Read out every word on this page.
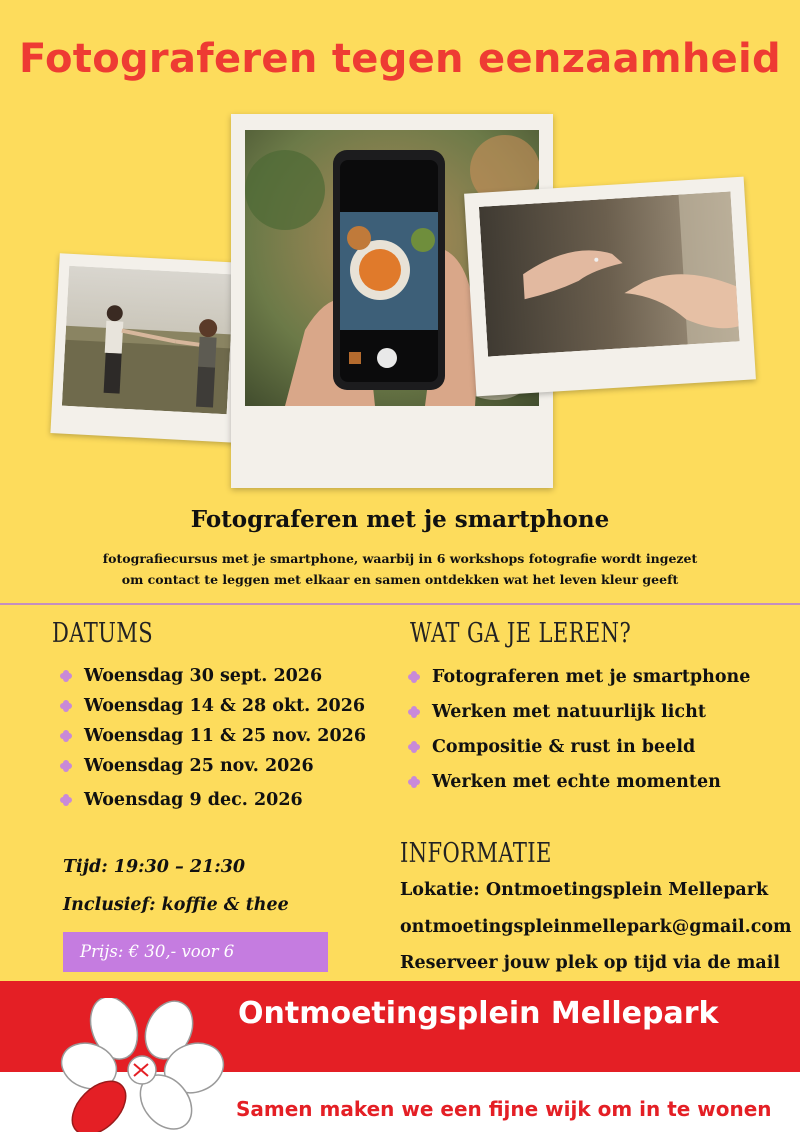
Fotograferen tegen eenzaamheid
Fotograferen met je smartphone
fotografiecursus met je smartphone, waarbij in 6 workshops fotografie wordt ingezet
om contact te leggen met elkaar en samen ontdekken wat het leven kleur geeft
DATUMS
Woensdag 30 sept. 2026
Woensdag 14 & 28 okt. 2026
Woensdag 11 & 25 nov. 2026
Woensdag 25 nov. 2026
Woensdag 9 dec. 2026
WAT GA JE LEREN?
Fotograferen met je smartphone
Werken met natuurlijk licht
Compositie & rust in beeld
Werken met echte momenten
Tijd: 19:30 – 21:30
Inclusief: koffie & thee
Prijs: € 30,- voor 6
INFORMATIE
Lokatie: Ontmoetingsplein Mellepark
ontmoetingspleinmellepark@gmail.com
Reserveer jouw plek op tijd via de mail
Ontmoetingsplein Mellepark
Samen maken we een fijne wijk om in te wonen
